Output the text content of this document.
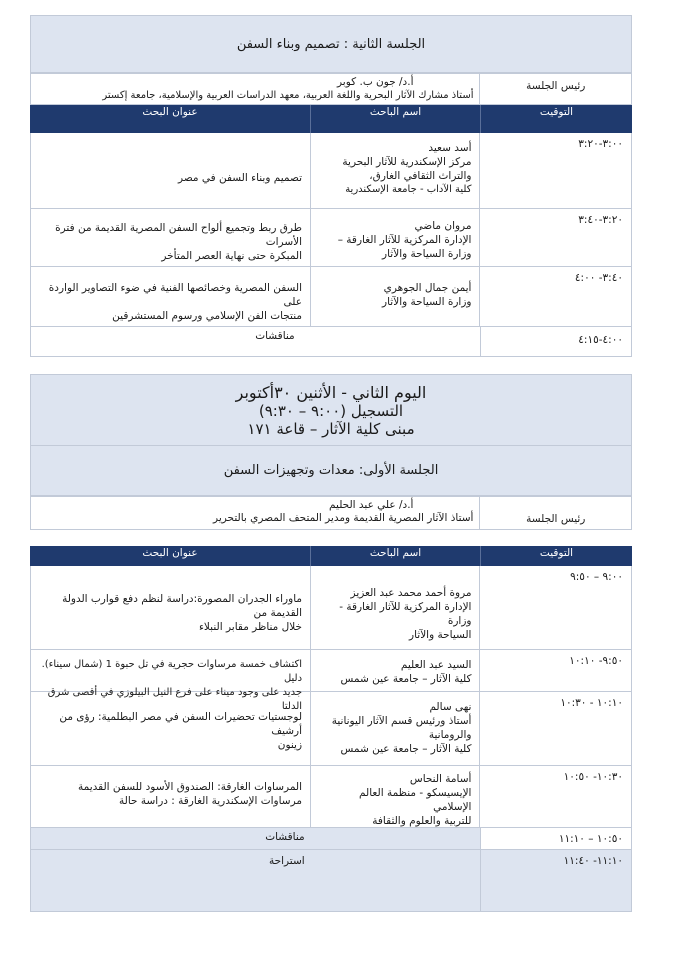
الجلسة الثانية : تصميم وبناء السفن
رئيس الجلسة
أ.د/ جون ب. كوبر
أستاذ مشارك الآثار البحرية واللغة العربية، معهد الدراسات العربية والإسلامية، جامعة إكستر
التوقيت
اسم الباحث
عنوان البحث
٣:٠٠-٣:٢٠
أسد سعيد
مركز الإسكندرية للآثار البحرية
والتراث الثقافي الغارق،
كلية الآداب - جامعة الإسكندرية
تصميم وبناء السفن في مصر
٣:٢٠-٣:٤٠
مروان ماضي
الإدارة المركزية للآثار الغارقة –
وزارة السياحة والآثار
طرق ربط وتجميع ألواح السفن المصرية القديمة من فترة الأسرات
المبكرة حتى نهاية العصر المتأخر
٣:٤٠- ٤:٠٠
أيمن جمال الجوهري
وزارة السياحة والآثار
السفن المصرية وخصائصها الفنية في ضوء التصاوير الواردة على
منتجات الفن الإسلامي ورسوم المستشرقين
٤:٠٠-٤:١٥
مناقشات
اليوم الثاني - الأثنين ٣٠أكتوبر
التسجيل (٩:٠٠ – ٩:٣٠)
مبنى كلية الآثار – قاعة ١٧١
الجلسة الأولى: معدات وتجهيزات السفن
رئيس الجلسة
أ.د/ علي عبد الحليم
أستاذ الآثار المصرية القديمة ومدير المتحف المصري بالتحرير
التوقيت
اسم الباحث
عنوان البحث
٩:٠٠ – ٩:٥٠
مروة أحمد محمد عبد العزيز
الإدارة المركزية للآثار الغارقة - وزارة
السياحة والآثار
ماوراء الجدران المصورة:دراسة لنظم دفع قوارب الدولة القديمة من
خلال مناظر مقابر النبلاء
٩:٥٠- ١٠:١٠
السيد عبد العليم
كلية الآثار – جامعة عين شمس
اكتشاف خمسة مرساوات حجرية في تل حبوة 1 (شمال سيناء). دليل
جديد على وجود ميناء على فرع النيل البيلوزي في أقصى شرق الدلتا	١٠:١٠ - ١٠:٣٠
نهى سالم
أستاذ ورئيس قسم الآثار اليونانية
والرومانية
كلية الآثار – جامعة عين شمس
لوجستيات تحضيرات السفن في مصر البطلمية: رؤى من أرشيف
زينون
١٠:٣٠- ١٠:٥٠
أسامة النحاس
الإيسيسكو - منظمة العالم الإسلامي
للتربية والعلوم والثقافة
المرساوات الغارقة: الصندوق الأسود للسفن القديمة
مرساوات الإسكندرية الغارقة : دراسة حالة
١٠:٥٠ – ١١:١٠
مناقشات
١١:١٠- ١١:٤٠
استراحة
